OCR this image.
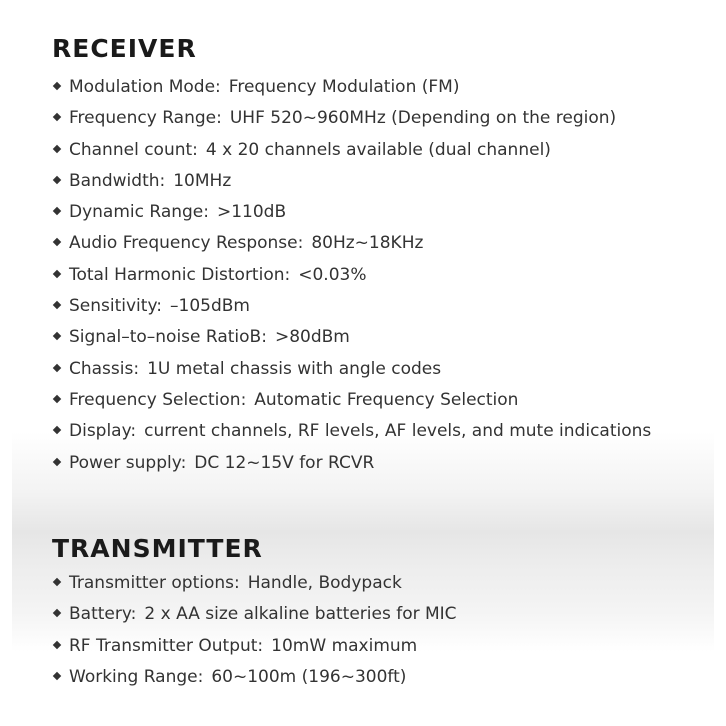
RECEIVER
Modulation Mode: Frequency Modulation (FM)
Frequency Range: UHF 520~960MHz (Depending on the region)
Channel count: 4 x 20 channels available (dual channel)
Bandwidth: 10MHz
Dynamic Range: >110dB
Audio Frequency Response: 80Hz~18KHz
Total Harmonic Distortion: <0.03%
Sensitivity: –105dBm
Signal–to–noise RatioB: >80dBm
Chassis: 1U metal chassis with angle codes
Frequency Selection: Automatic Frequency Selection
Display: current channels, RF levels, AF levels, and mute indications
Power supply: DC 12~15V for RCVR
TRANSMITTER
Transmitter options: Handle, Bodypack
Battery: 2 x AA size alkaline batteries for MIC
RF Transmitter Output: 10mW maximum
Working Range: 60~100m (196~300ft)
